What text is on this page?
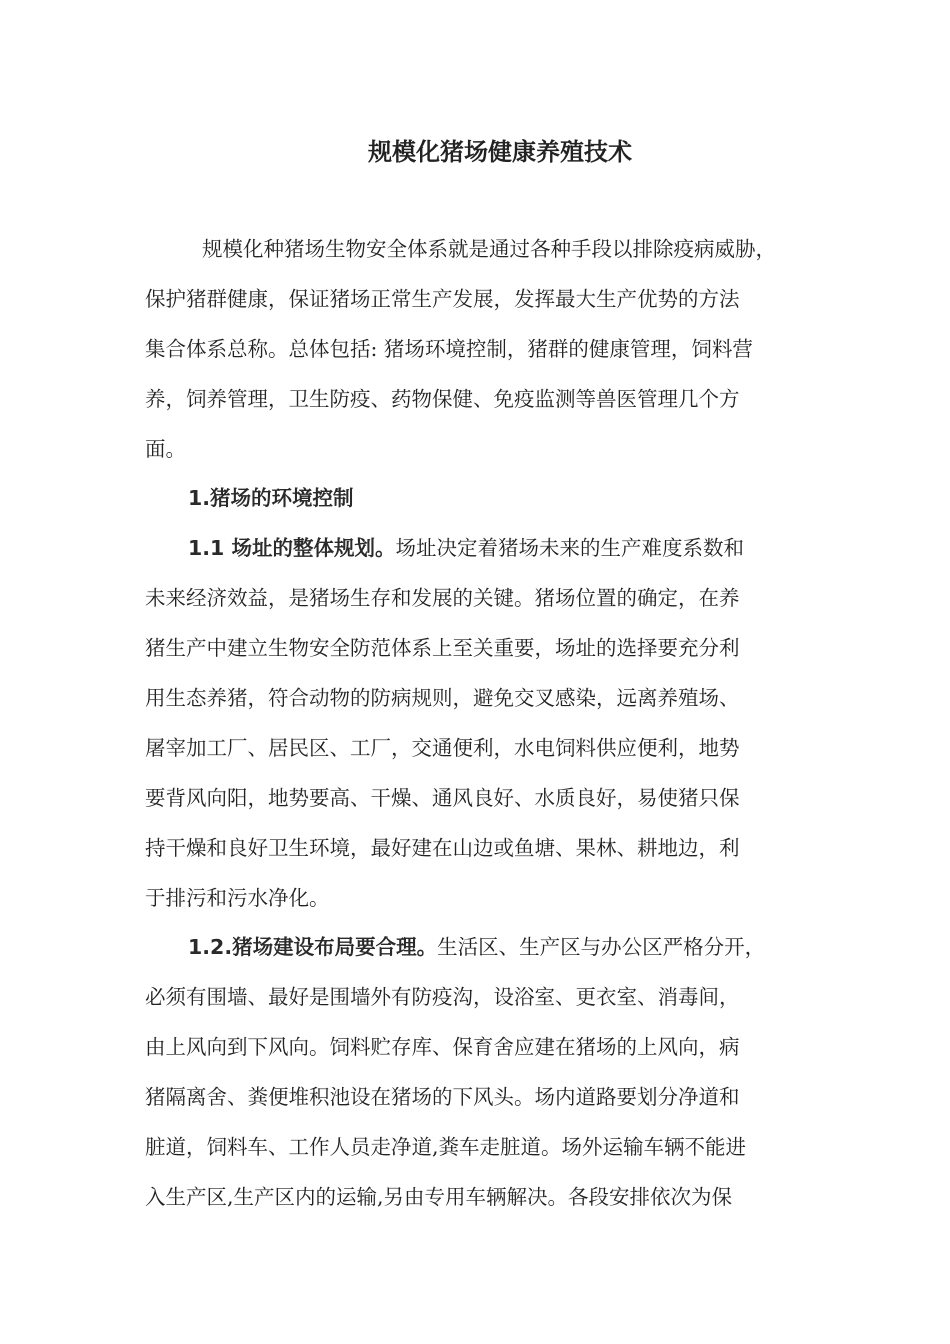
规模化猪场健康养殖技术
规模化种猪场生物安全体系就是通过各种手段以排除疫病威胁，
保护猪群健康，保证猪场正常生产发展，发挥最大生产优势的方法
集合体系总称。总体包括: 猪场环境控制，猪群的健康管理，饲料营
养，饲养管理，卫生防疫、药物保健、免疫监测等兽医管理几个方
面。
1.猪场的环境控制
1.1 场址的整体规划。场址决定着猪场未来的生产难度系数和
未来经济效益，是猪场生存和发展的关键。猪场位置的确定，在养
猪生产中建立生物安全防范体系上至关重要，场址的选择要充分利
用生态养猪，符合动物的防病规则，避免交叉感染，远离养殖场、
屠宰加工厂、居民区、工厂，交通便利，水电饲料供应便利，地势
要背风向阳，地势要高、干燥、通风良好、水质良好，易使猪只保
持干燥和良好卫生环境，最好建在山边或鱼塘、果林、耕地边，利
于排污和污水净化。
1.2.猪场建设布局要合理。生活区、生产区与办公区严格分开，
必须有围墙、最好是围墙外有防疫沟，设浴室、更衣室、消毒间，
由上风向到下风向。饲料贮存库、保育舍应建在猪场的上风向，病
猪隔离舍、粪便堆积池设在猪场的下风头。场内道路要划分净道和
脏道，饲料车、工作人员走净道,粪车走脏道。场外运输车辆不能进
入生产区,生产区内的运输,另由专用车辆解决。各段安排依次为保
